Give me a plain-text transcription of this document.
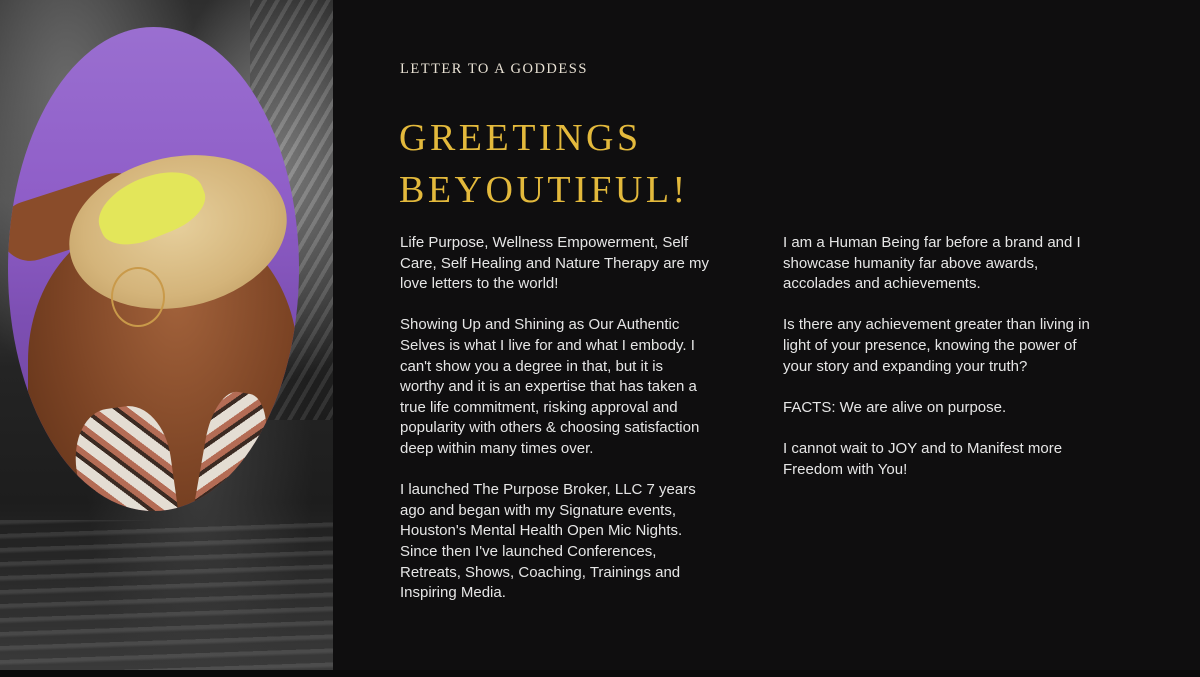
LETTER TO A GODDESS
GREETINGS
BEYOUTIFUL!

Life Purpose, Wellness Empowerment, Self
Care, Self Healing and Nature Therapy are my
love letters to the world!

Showing Up and Shining as Our Authentic
Selves is what I live for and what I embody. I
can't show you a degree in that, but it is
worthy and it is an expertise that has taken a
true life commitment, risking approval and
popularity with others & choosing satisfaction
deep within many times over.

I launched The Purpose Broker, LLC 7 years
ago and began with my Signature events,
Houston's Mental Health Open Mic Nights.
Since then I've launched Conferences,
Retreats, Shows, Coaching, Trainings and
Inspiring Media.

I am a Human Being far before a brand and I
showcase humanity far above awards,
accolades and achievements.

Is there any achievement greater than living in
light of your presence, knowing the power of
your story and expanding your truth?

FACTS: We are alive on purpose.

I cannot wait to JOY and to Manifest more
Freedom with You!
